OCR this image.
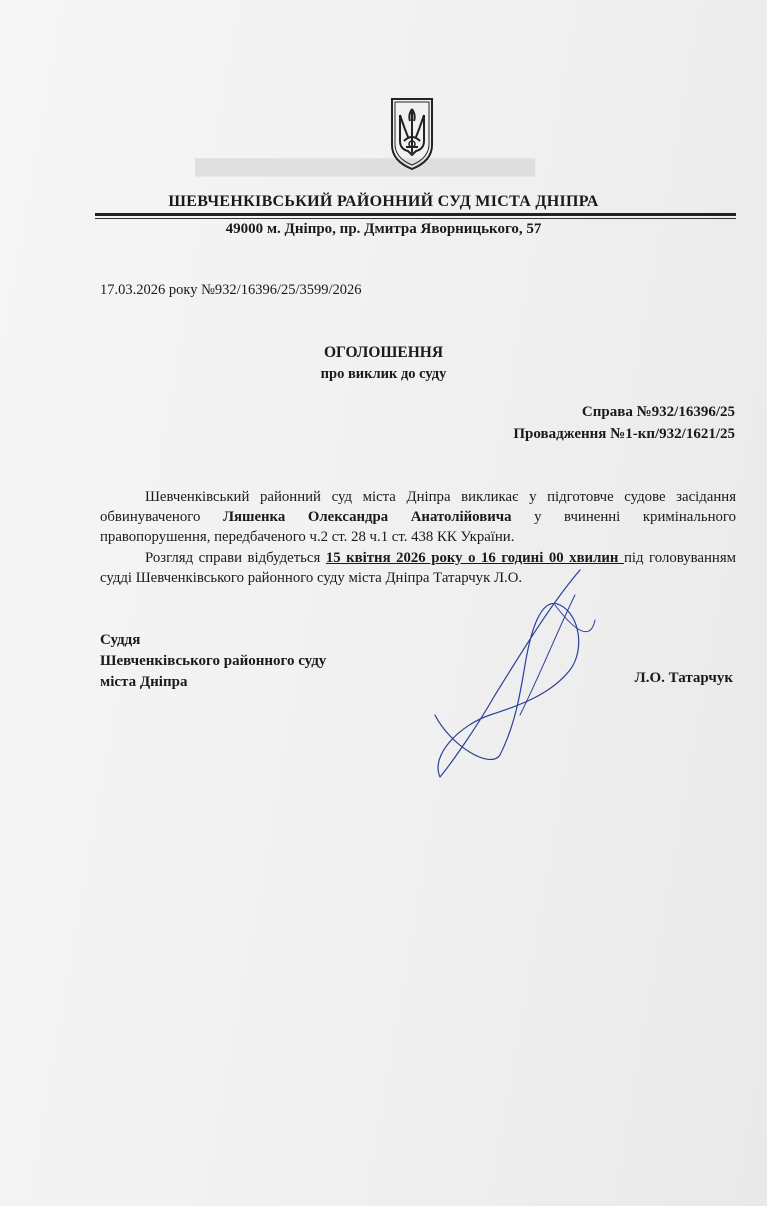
████████████████████████████████
ШЕВЧЕНКІВСЬКИЙ РАЙОННИЙ СУД МІСТА ДНІПРА
49000 м. Дніпро, пр. Дмитра Яворницького, 57
17.03.2026 року №932/16396/25/3599/2026
ОГОЛОШЕННЯ
про виклик до суду
Справа №932/16396/25
Провадження №1-кп/932/1621/25
Шевченківський районний суд міста Дніпра викликає у підготовче судове засідання обвинуваченого Ляшенка Олександра Анатолійовича у вчиненні кримінального правопорушення, передбаченого ч.2 ст. 28 ч.1 ст. 438 КК України.
Розгляд справи відбудеться 15 квітня 2026 року о 16 годині 00 хвилин під головуванням судді Шевченківського районного суду міста Дніпра Татарчук Л.О.
Суддя
Шевченківського районного суду
міста Дніпра	Л.О. Татарчук
